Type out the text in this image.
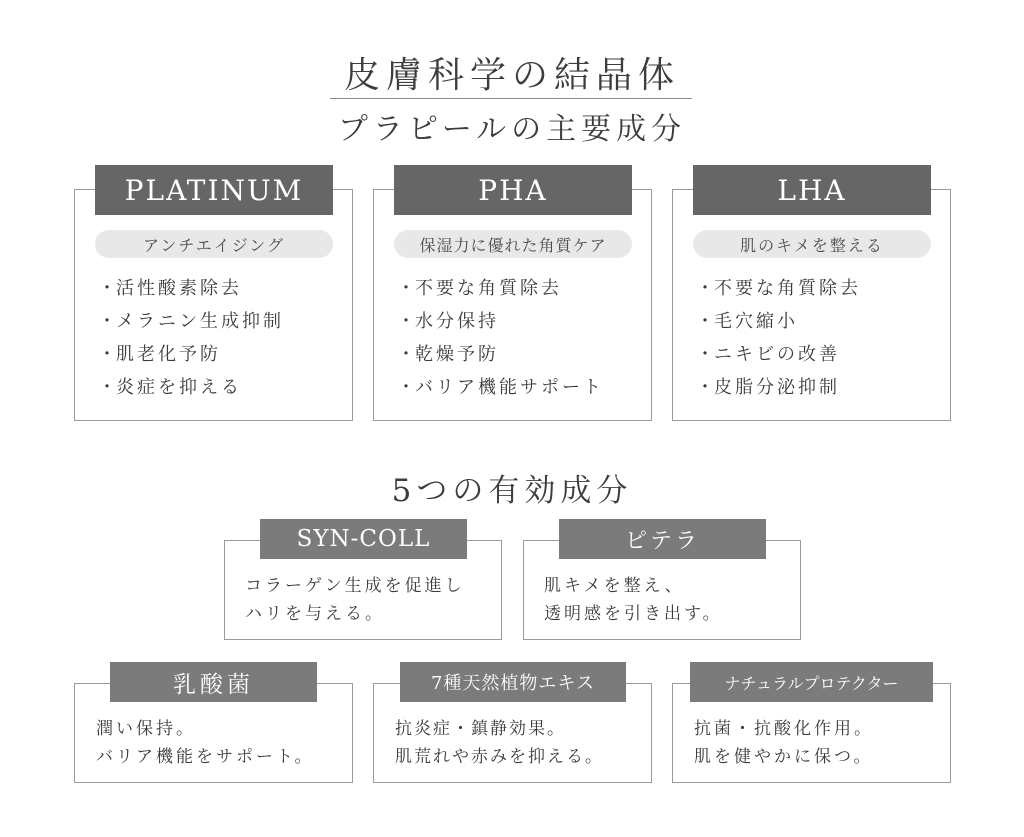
皮膚科学の結晶体
プラピールの主要成分
PLATINUM
アンチエイジング
・ 活性酸素除去
・ メラニン生成抑制
・ 肌老化予防
・ 炎症を抑える
PHA
保湿力に優れた角質ケア
・ 不要な角質除去
・ 水分保持
・ 乾燥予防
・ バリア機能サポート
LHA
肌のキメを整える
・ 不要な角質除去
・ 毛穴縮小
・ ニキビの改善
・ 皮脂分泌抑制
5つの有効成分
SYN-COLL
コラーゲン生成を促進し
ハリを与える。
ピテラ
肌キメを整え、
透明感を引き出す。
乳酸菌
潤い保持。
バリア機能をサポート。
7種天然植物エキス
抗炎症・鎮静効果。
肌荒れや赤みを抑える。
ナチュラルプロテクター
抗菌・抗酸化作用。
肌を健やかに保つ。
